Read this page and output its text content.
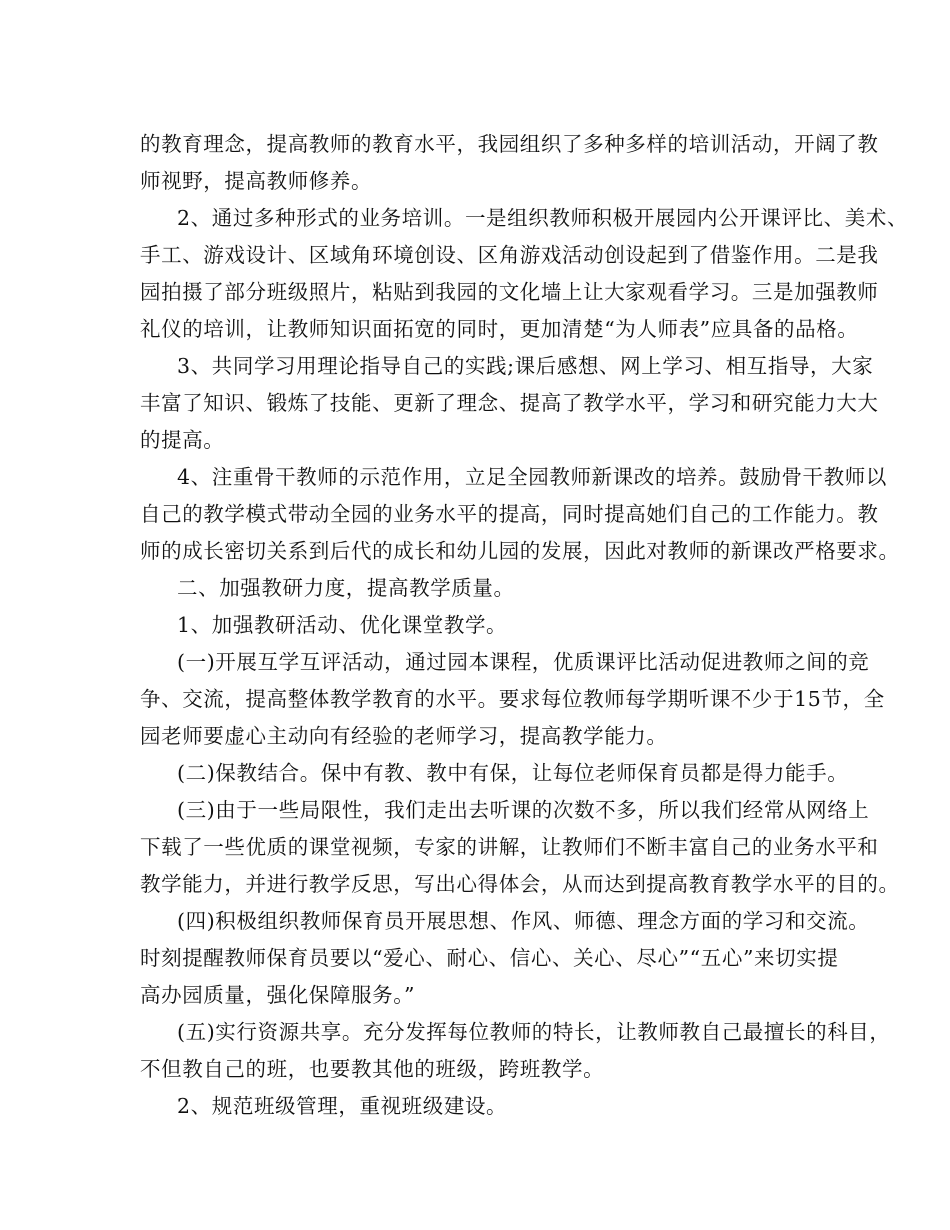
的教育理念，提高教师的教育水平，我园组织了多种多样的培训活动，开阔了教
师视野，提高教师修养。
2、通过多种形式的业务培训。一是组织教师积极开展园内公开课评比、美术、
手工、游戏设计、区域角环境创设、区角游戏活动创设起到了借鉴作用。二是我
园拍摄了部分班级照片，粘贴到我园的文化墙上让大家观看学习。三是加强教师
礼仪的培训，让教师知识面拓宽的同时，更加清楚“为人师表”应具备的品格。
3、共同学习用理论指导自己的实践;课后感想、网上学习、相互指导，大家
丰富了知识、锻炼了技能、更新了理念、提高了教学水平，学习和研究能力大大
的提高。
4、注重骨干教师的示范作用，立足全园教师新课改的培养。鼓励骨干教师以
自己的教学模式带动全园的业务水平的提高，同时提高她们自己的工作能力。教
师的成长密切关系到后代的成长和幼儿园的发展，因此对教师的新课改严格要求。
二、加强教研力度，提高教学质量。
1、加强教研活动、优化课堂教学。
(一)开展互学互评活动，通过园本课程，优质课评比活动促进教师之间的竞
争、交流，提高整体教学教育的水平。要求每位教师每学期听课不少于15节，全
园老师要虚心主动向有经验的老师学习，提高教学能力。
(二)保教结合。保中有教、教中有保，让每位老师保育员都是得力能手。
(三)由于一些局限性，我们走出去听课的次数不多，所以我们经常从网络上
下载了一些优质的课堂视频，专家的讲解，让教师们不断丰富自己的业务水平和
教学能力，并进行教学反思，写出心得体会，从而达到提高教育教学水平的目的。
(四)积极组织教师保育员开展思想、作风、师德、理念方面的学习和交流。
时刻提醒教师保育员要以“爱心、耐心、信心、关心、尽心”“五心”来切实提
高办园质量，强化保障服务。”
(五)实行资源共享。充分发挥每位教师的特长，让教师教自己最擅长的科目，
不但教自己的班，也要教其他的班级，跨班教学。
2、规范班级管理，重视班级建设。
